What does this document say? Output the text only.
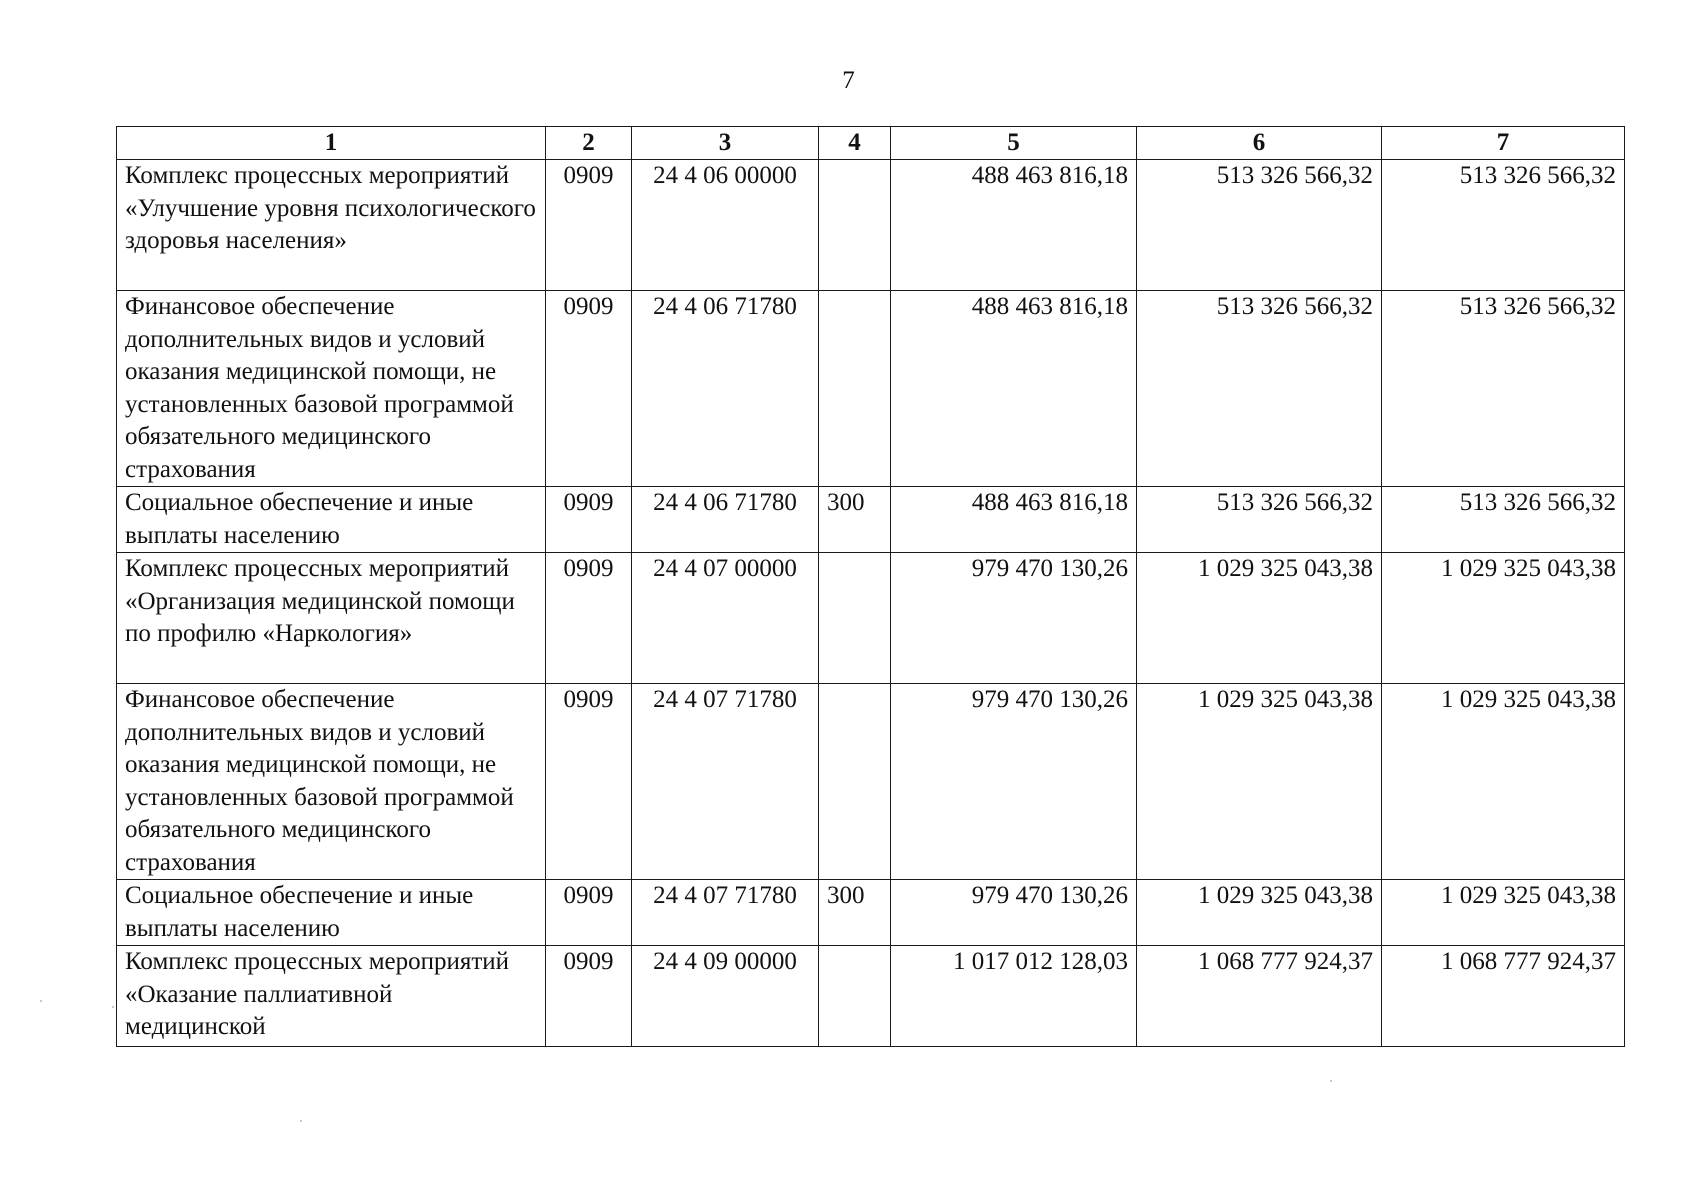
7
1	2	3	4	5	6	7
Комплекс процессных мероприятий «Улучшение уровня психологического здоровья населения»	0909	24 4 06 00000		488 463 816,18	513 326 566,32	513 326 566,32
Финансовое обеспечение дополнительных видов и условий оказания медицинской помощи, не установленных базовой программой обязательного медицинского страхования	0909	24 4 06 71780		488 463 816,18	513 326 566,32	513 326 566,32
Социальное обеспечение и иные выплаты населению	0909	24 4 06 71780	300	488 463 816,18	513 326 566,32	513 326 566,32
Комплекс процессных мероприятий «Организация медицинской помощи по профилю «Наркология»	0909	24 4 07 00000		979 470 130,26	1 029 325 043,38	1 029 325 043,38
Финансовое обеспечение дополнительных видов и условий оказания медицинской помощи, не установленных базовой программой обязательного медицинского страхования	0909	24 4 07 71780		979 470 130,26	1 029 325 043,38	1 029 325 043,38
Социальное обеспечение и иные выплаты населению	0909	24 4 07 71780	300	979 470 130,26	1 029 325 043,38	1 029 325 043,38
Комплекс процессных мероприятий «Оказание паллиативной медицинской	0909	24 4 09 00000		1 017 012 128,03	1 068 777 924,37	1 068 777 924,37
